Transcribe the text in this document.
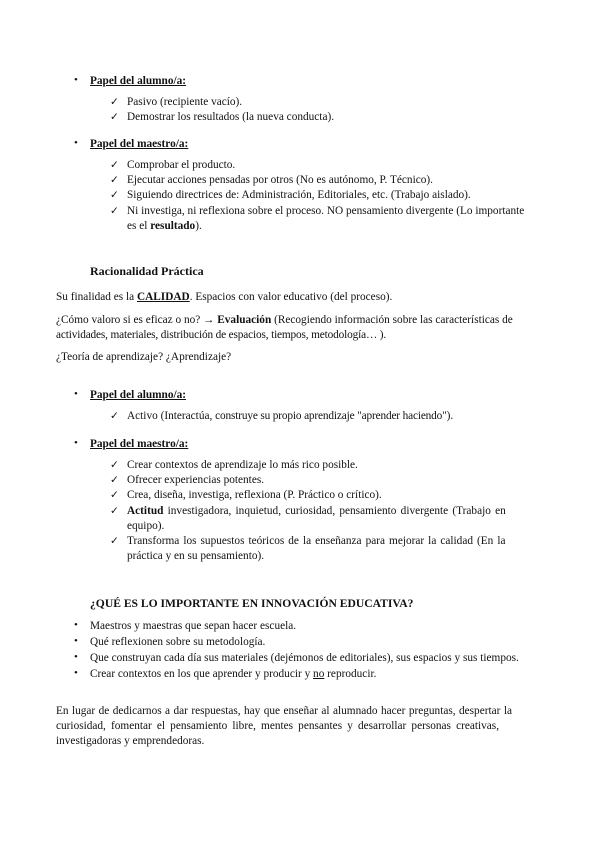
• Papel del alumno/a:
✓ Pasivo (recipiente vacío).
✓ Demostrar los resultados (la nueva conducta).
• Papel del maestro/a:
✓ Comprobar el producto.
✓ Ejecutar acciones pensadas por otros (No es autónomo, P. Técnico).
✓ Siguiendo directrices de: Administración, Editoriales, etc. (Trabajo aislado).
✓ Ni investiga, ni reflexiona sobre el proceso. NO pensamiento divergente (Lo importante
es el resultado).
Racionalidad Práctica
Su finalidad es la CALIDAD. Espacios con valor educativo (del proceso).
¿Cómo valoro si es eficaz o no? → Evaluación (Recogiendo información sobre las características de
actividades, materiales, distribución de espacios, tiempos, metodología… ).
¿Teoría de aprendizaje? ¿Aprendizaje?
• Papel del alumno/a:
✓ Activo (Interactúa, construye su propio aprendizaje "aprender haciendo").
• Papel del maestro/a:
✓ Crear contextos de aprendizaje lo más rico posible.
✓ Ofrecer experiencias potentes.
✓ Crea, diseña, investiga, reflexiona (P. Práctico o crítico).
✓ Actitud investigadora, inquietud, curiosidad, pensamiento divergente (Trabajo en
equipo).
✓ Transforma los supuestos teóricos de la enseñanza para mejorar la calidad (En la
práctica y en su pensamiento).
¿QUÉ ES LO IMPORTANTE EN INNOVACIÓN EDUCATIVA?
• Maestros y maestras que sepan hacer escuela.
• Qué reflexionen sobre su metodología.
• Que construyan cada día sus materiales (dejémonos de editoriales), sus espacios y sus tiempos.
• Crear contextos en los que aprender y producir y no reproducir.
En lugar de dedicarnos a dar respuestas, hay que enseñar al alumnado hacer preguntas, despertar la
curiosidad, fomentar el pensamiento libre, mentes pensantes y desarrollar personas creativas,
investigadoras y emprendedoras.
